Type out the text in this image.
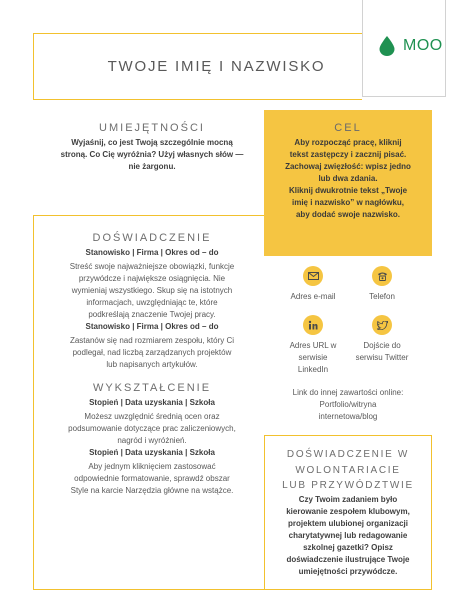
TWOJE IMIĘ I NAZWISKO
MOO
UMIEJĘTNOŚCI
Wyjaśnij, co jest Twoją szczególnie mocną
stroną. Co Cię wyróżnia? Użyj własnych słów —
nie żargonu.
CEL
Aby rozpocząć pracę, kliknij
tekst zastępczy i zacznij pisać.
Zachowaj zwięzłość: wpisz jedno
lub dwa zdania.
Kliknij dwukrotnie tekst „Twoje
imię i nazwisko” w nagłówku,
aby dodać swoje nazwisko.
DOŚWIADCZENIE
Stanowisko | Firma | Okres od – do
Streść swoje najważniejsze obowiązki, funkcje
przywódcze i największe osiągnięcia. Nie
wymieniaj wszystkiego. Skup się na istotnych
informacjach, uwzględniając te, które
podkreślają znaczenie Twojej pracy.
Stanowisko | Firma | Okres od – do
Zastanów się nad rozmiarem zespołu, który Ci
podlegał, nad liczbą zarządzanych projektów
lub napisanych artykułów.
WYKSZTAŁCENIE
Stopień | Data uzyskania | Szkoła
Możesz uwzględnić średnią ocen oraz
podsumowanie dotyczące prac zaliczeniowych,
nagród i wyróżnień.
Stopień | Data uzyskania | Szkoła
Aby jednym kliknięciem zastosować
odpowiednie formatowanie, sprawdź obszar
Style na karcie Narzędzia główne na wstążce.
Adres e-mail	Telefon
Adres URL w
serwisie
LinkedIn
Dojście do
serwisu Twitter
Link do innej zawartości online:
Portfolio/witryna
internetowa/blog
DOŚWIADCZENIE W
WOLONTARIACIE
LUB PRZYWÓDZTWIE
Czy Twoim zadaniem było
kierowanie zespołem klubowym,
projektem ulubionej organizacji
charytatywnej lub redagowanie
szkolnej gazetki? Opisz
doświadczenie ilustrujące Twoje
umiejętności przywódcze.
